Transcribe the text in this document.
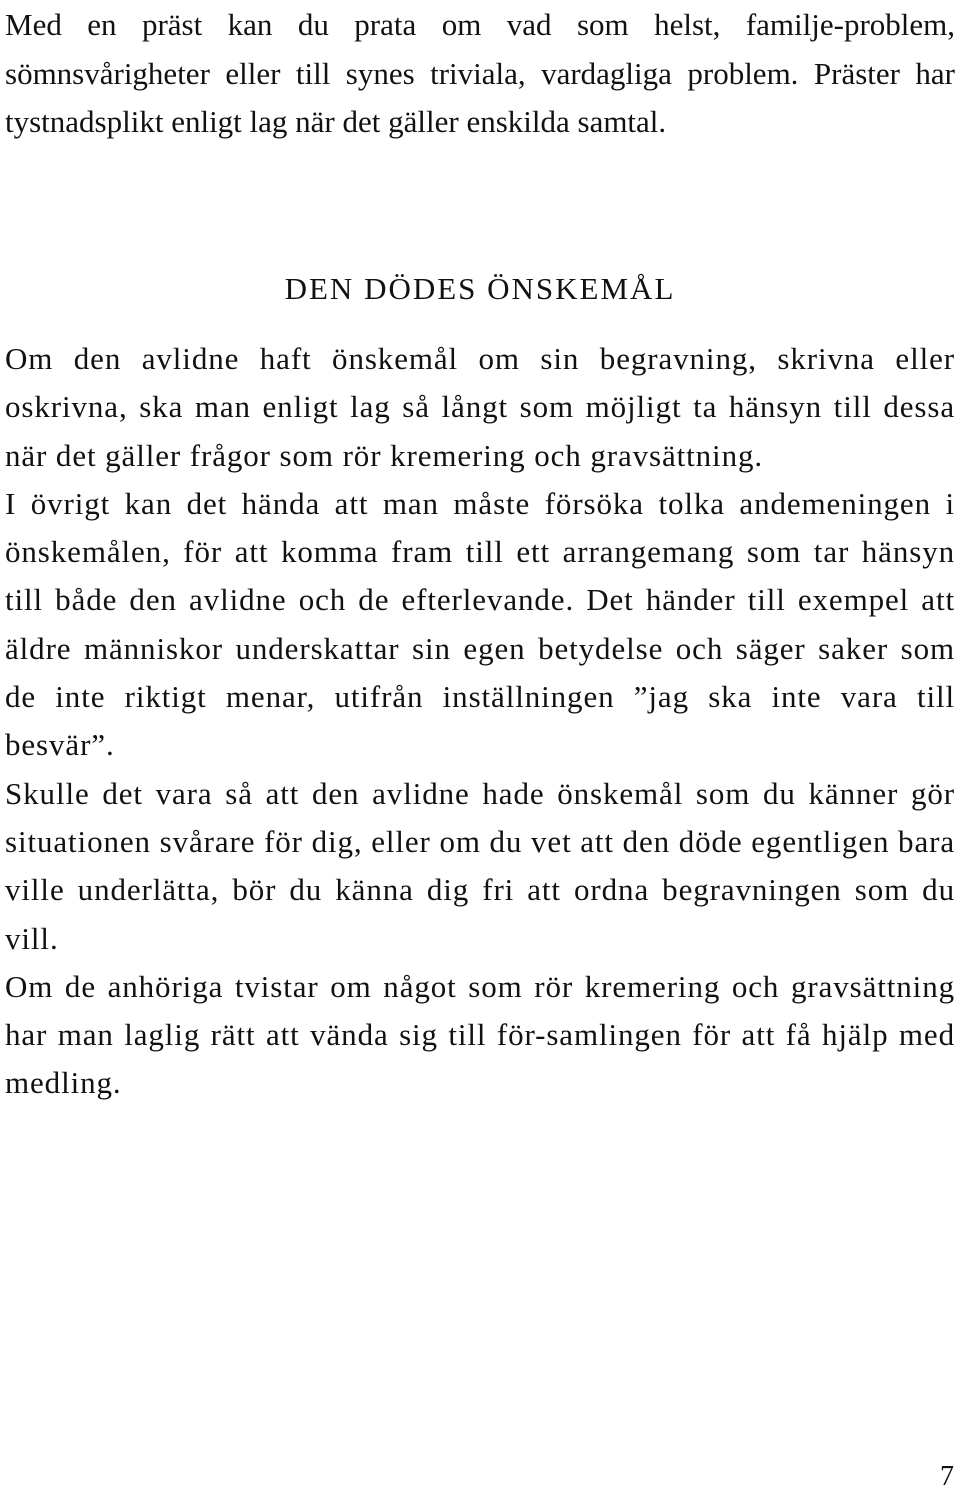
Med en präst kan du prata om vad som helst, familje-problem, sömnsvårigheter eller till synes triviala, vardagliga problem. Präster har tystnadsplikt enligt lag när det gäller enskilda samtal.

DEN DÖDES ÖNSKEMÅL

Om den avlidne haft önskemål om sin begravning, skrivna eller oskrivna, ska man enligt lag så långt som möjligt ta hänsyn till dessa när det gäller frågor som rör kremering och gravsättning.

I övrigt kan det hända att man måste försöka tolka andemeningen i önskemålen, för att komma fram till ett arrangemang som tar hänsyn till både den avlidne och de efterlevande. Det händer till exempel att äldre människor underskattar sin egen betydelse och säger saker som de inte riktigt menar, utifrån inställningen ”jag ska inte vara till besvär”.

Skulle det vara så att den avlidne hade önskemål som du känner gör situationen svårare för dig, eller om du vet att den döde egentligen bara ville underlätta, bör du känna dig fri att ordna begravningen som du vill.

Om de anhöriga tvistar om något som rör kremering och gravsättning har man laglig rätt att vända sig till för-samlingen för att få hjälp med medling.

7
